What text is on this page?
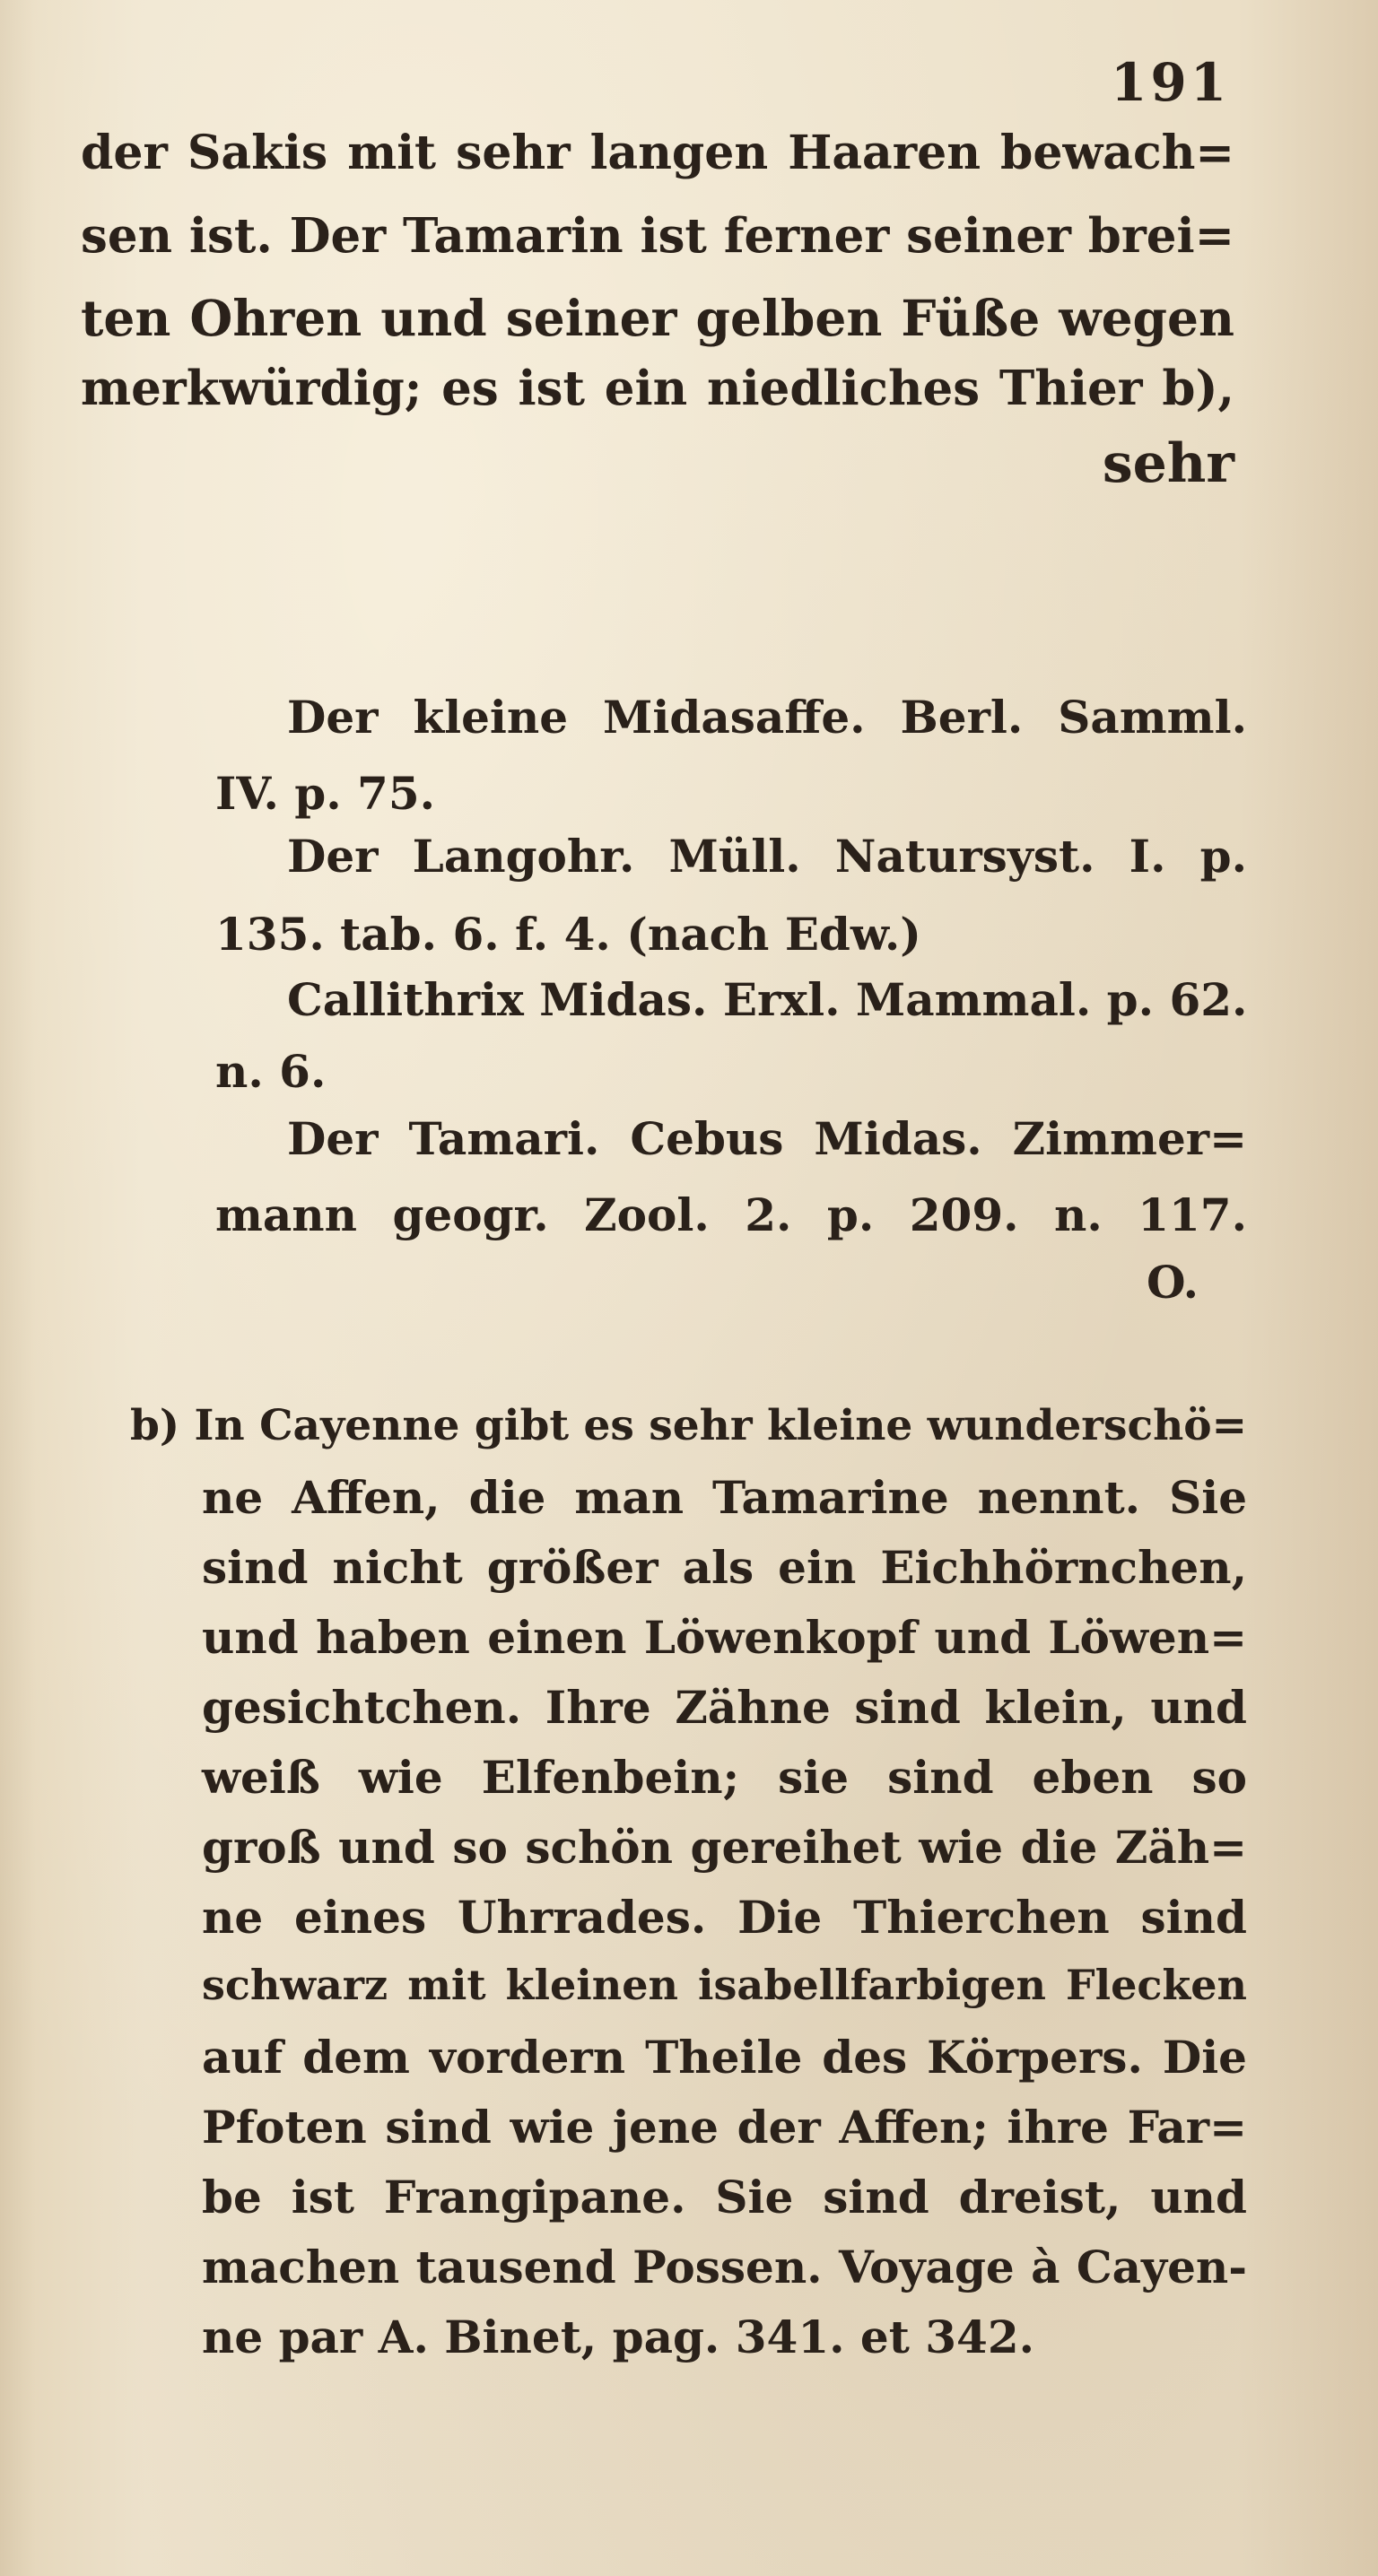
191
der Sakis mit sehr langen Haaren bewach=
sen ist. Der Tamarin ist ferner seiner brei=
ten Ohren und seiner gelben Füße wegen
merkwürdig; es ist ein niedliches Thier b),
sehr
Der kleine Midasaffe. Berl. Samml.
IV. p. 75.
Der Langohr. Müll. Natursyst. I. p.
135. tab. 6. f. 4. (nach Edw.)
Callithrix Midas. Erxl. Mammal. p. 62.
n. 6.
Der Tamari. Cebus Midas. Zimmer=
mann geogr. Zool. 2. p. 209. n. 117.
O.
b) In Cayenne gibt es sehr kleine wunderschö=
ne Affen, die man Tamarine nennt. Sie
sind nicht größer als ein Eichhörnchen,
und haben einen Löwenkopf und Löwen=
gesichtchen. Ihre Zähne sind klein, und
weiß wie Elfenbein; sie sind eben so
groß und so schön gereihet wie die Zäh=
ne eines Uhrrades. Die Thierchen sind
schwarz mit kleinen isabellfarbigen Flecken
auf dem vordern Theile des Körpers. Die
Pfoten sind wie jene der Affen; ihre Far=
be ist Frangipane. Sie sind dreist, und
machen tausend Possen. Voyage à Cayen-
ne par A. Binet, pag. 341. et 342.
